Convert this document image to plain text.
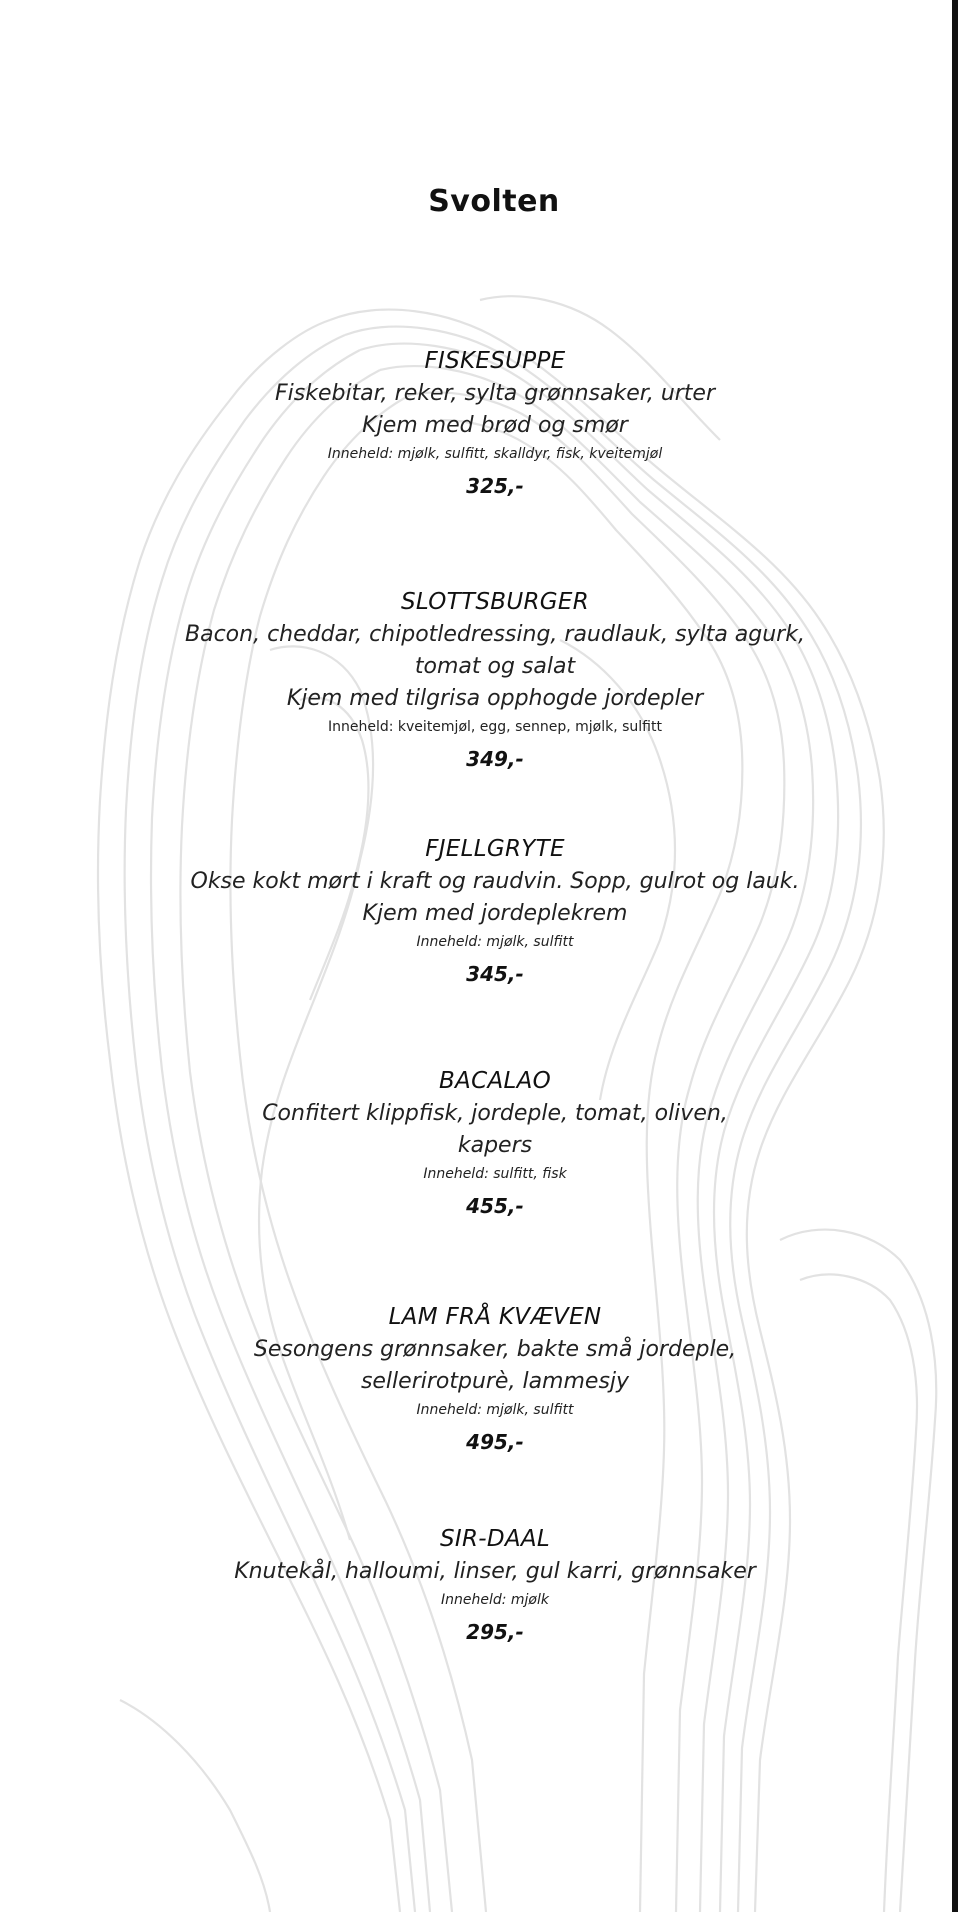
Svolten
FISKESUPPE
Fiskebitar, reker, sylta grønnsaker, urter
Kjem med brød og smør
Inneheld: mjølk, sulfitt, skalldyr, fisk, kveitemjøl
325,-
SLOTTSBURGER
Bacon, cheddar, chipotledressing, raudlauk, sylta agurk,
tomat og salat
Kjem med tilgrisa opphogde jordepler
Inneheld: kveitemjøl, egg, sennep, mjølk, sulfitt
349,-
FJELLGRYTE
Okse kokt mørt i kraft og raudvin. Sopp, gulrot og lauk.
Kjem med jordeplekrem
Inneheld: mjølk, sulfitt
345,-
BACALAO
Confitert klippfisk, jordeple, tomat, oliven,
kapers
Inneheld: sulfitt, fisk
455,-
LAM FRÅ KVÆVEN
Sesongens grønnsaker, bakte små jordeple,
sellerirotpurè, lammesjy
Inneheld: mjølk, sulfitt
495,-
SIR-DAAL
Knutekål, halloumi, linser, gul karri, grønnsaker
Inneheld: mjølk
295,-
